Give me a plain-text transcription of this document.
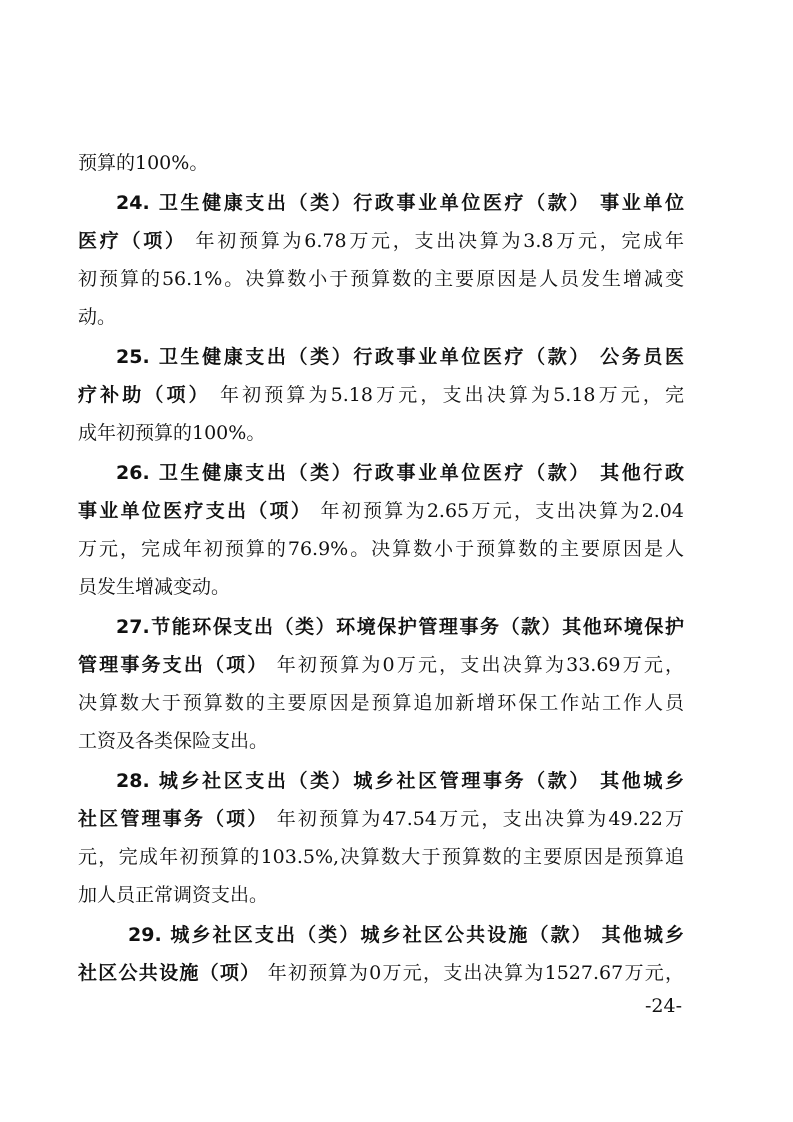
预算的100%。
24. 卫生健康支出（类）行政事业单位医疗（款） 事业单位
医疗（项） 年初预算为6.78万元，支出决算为3.8万元，完成年
初预算的56.1%。决算数小于预算数的主要原因是人员发生增减变
动。
25. 卫生健康支出（类）行政事业单位医疗（款） 公务员医
疗补助（项） 年初预算为5.18万元，支出决算为5.18万元，完
成年初预算的100%。
26. 卫生健康支出（类）行政事业单位医疗（款） 其他行政
事业单位医疗支出（项） 年初预算为2.65万元，支出决算为2.04
万元，完成年初预算的76.9%。决算数小于预算数的主要原因是人
员发生增减变动。
27.节能环保支出（类）环境保护管理事务（款）其他环境保护
管理事务支出（项） 年初预算为0万元，支出决算为33.69万元，
决算数大于预算数的主要原因是预算追加新增环保工作站工作人员
工资及各类保险支出。
28. 城乡社区支出（类）城乡社区管理事务（款） 其他城乡
社区管理事务（项） 年初预算为47.54万元，支出决算为49.22万
元，完成年初预算的103.5%,决算数大于预算数的主要原因是预算追
加人员正常调资支出。
29. 城乡社区支出（类）城乡社区公共设施（款） 其他城乡
社区公共设施（项） 年初预算为0万元，支出决算为1527.67万元，
-24-
